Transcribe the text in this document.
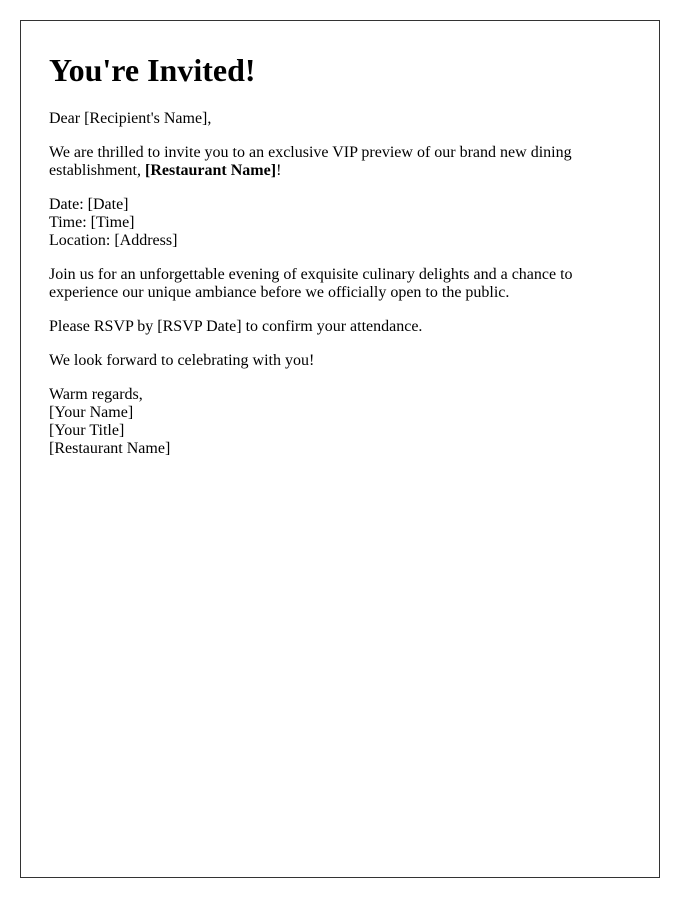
You're Invited!

Dear [Recipient's Name],

We are thrilled to invite you to an exclusive VIP preview of our brand new dining establishment, [Restaurant Name]!

Date: [Date]
Time: [Time]
Location: [Address]

Join us for an unforgettable evening of exquisite culinary delights and a chance to experience our unique ambiance before we officially open to the public.

Please RSVP by [RSVP Date] to confirm your attendance.

We look forward to celebrating with you!

Warm regards,
[Your Name]
[Your Title]
[Restaurant Name]
